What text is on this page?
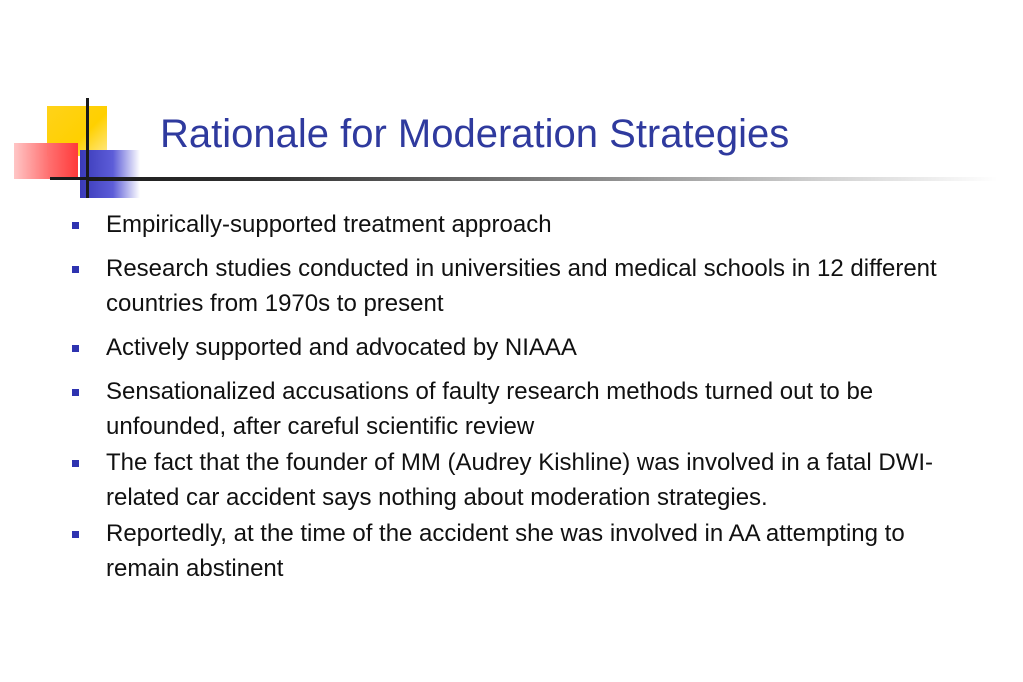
Rationale for Moderation Strategies
Empirically-supported treatment approach
Research studies conducted in universities and medical schools in 12 different countries from 1970s to present
Actively supported and advocated by NIAAA
Sensationalized accusations of faulty research methods turned out to be unfounded, after careful scientific review
The fact that the founder of MM (Audrey Kishline) was involved in a fatal DWI-related car accident says nothing about moderation strategies.
Reportedly, at the time of the accident she was involved in AA attempting to remain abstinent
